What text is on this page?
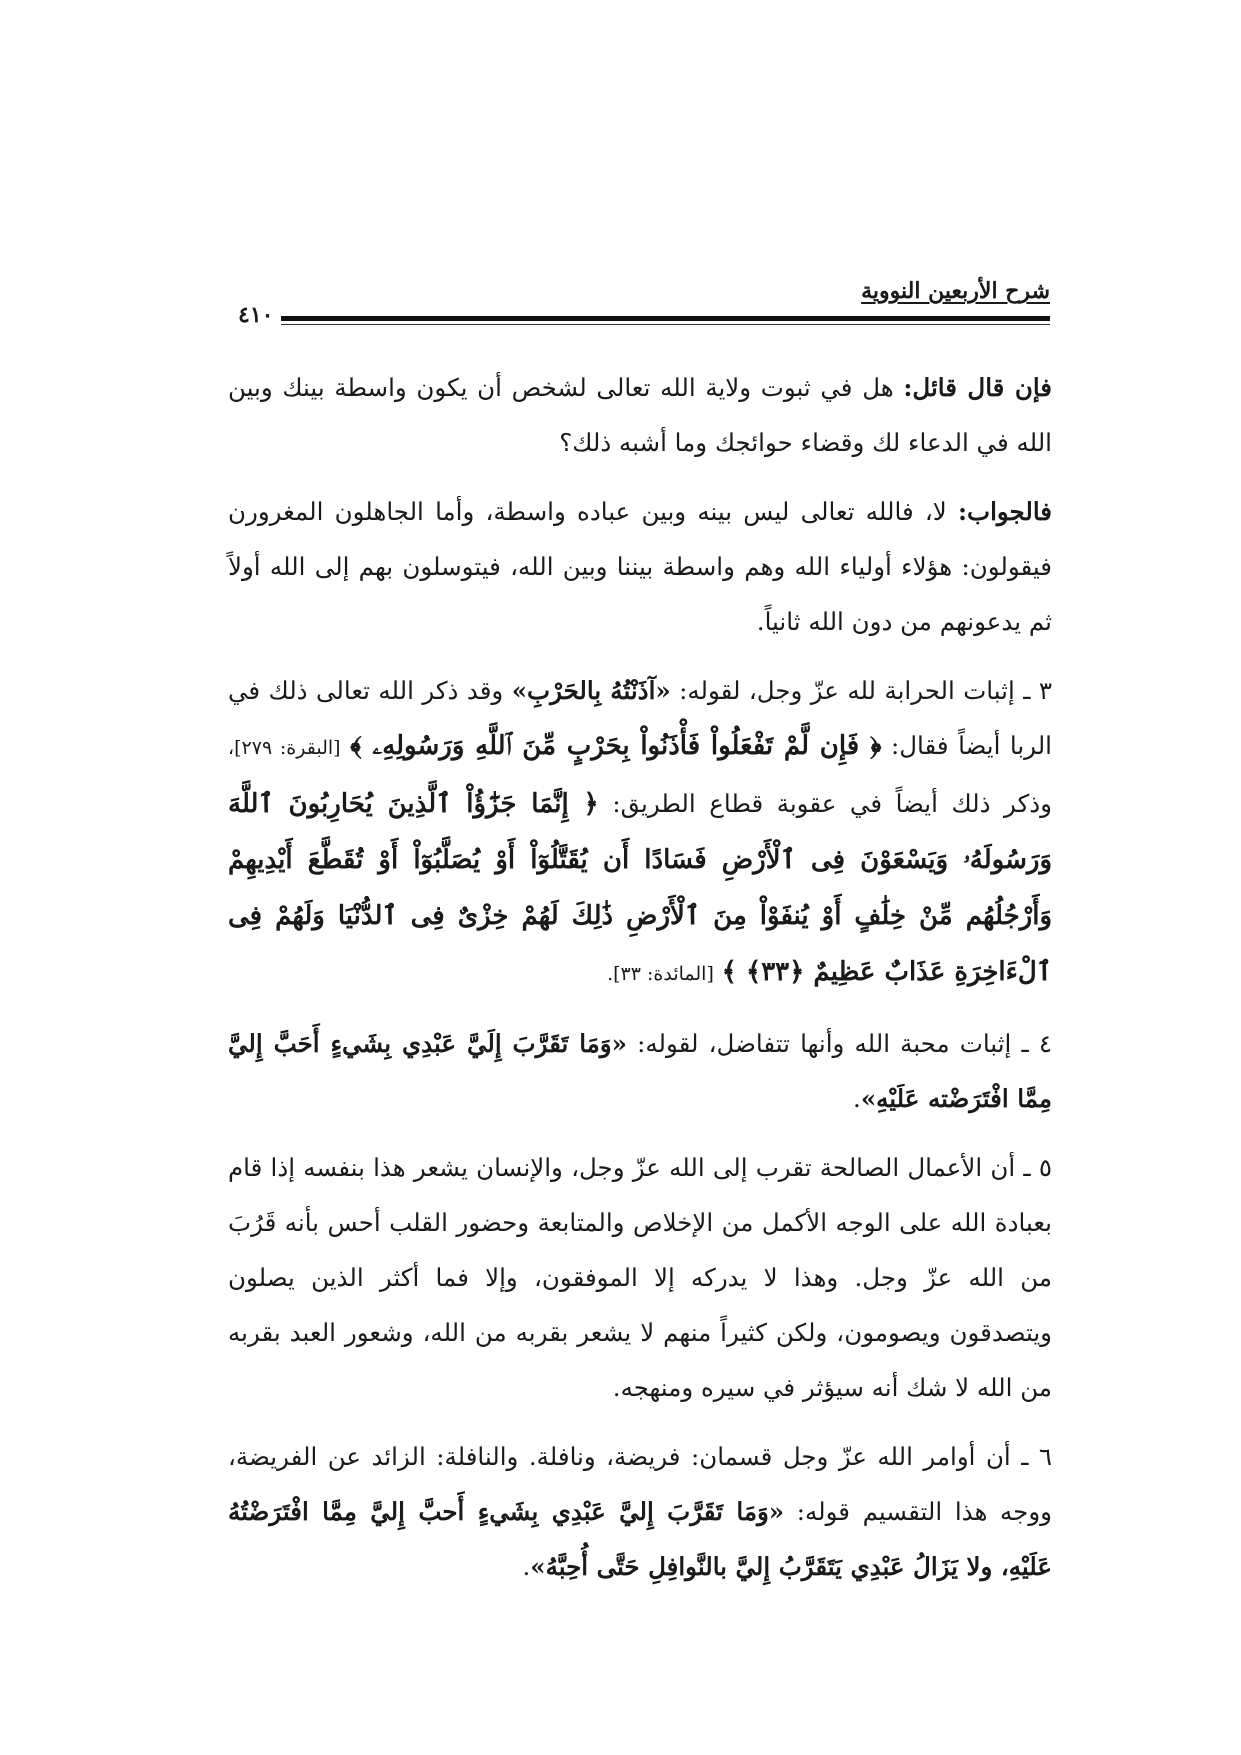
شرح الأربعين النووية
٤١٠

فإن قال قائل: هل في ثبوت ولاية الله تعالى لشخص أن يكون واسطة بينك وبين الله في الدعاء لك وقضاء حوائجك وما أشبه ذلك؟

فالجواب: لا، فالله تعالى ليس بينه وبين عباده واسطة، وأما الجاهلون المغرورن فيقولون: هؤلاء أولياء الله وهم واسطة بيننا وبين الله، فيتوسلون بهم إلى الله أولاً ثم يدعونهم من دون الله ثانياً.

٣ ـ إثبات الحرابة لله عزّ وجل، لقوله: «آذَنْتُهُ بِالحَرْبِ» وقد ذكر الله تعالى ذلك في الربا أيضاً فقال: ﴿ فَإِن لَّمْ تَفْعَلُواْ فَأْذَنُواْ بِحَرْبٍ مِّنَ ٱللَّهِ وَرَسُولِهِۦ ﴾ [البقرة: ٢٧٩]، وذكر ذلك أيضاً في عقوبة قطاع الطريق: ﴿ إِنَّمَا جَزَٰٓؤُاْ ٱلَّذِينَ يُحَارِبُونَ ٱللَّهَ وَرَسُولَهُۥ وَيَسْعَوْنَ فِى ٱلْأَرْضِ فَسَادًا أَن يُقَتَّلُوٓاْ أَوْ يُصَلَّبُوٓاْ أَوْ تُقَطَّعَ أَيْدِيهِمْ وَأَرْجُلُهُم مِّنْ خِلَٰفٍ أَوْ يُنفَوْاْ مِنَ ٱلْأَرْضِ ذَٰلِكَ لَهُمْ خِزْىٌ فِى ٱلدُّنْيَا وَلَهُمْ فِى ٱلْءَاخِرَةِ عَذَابٌ عَظِيمٌ ﴿٣٣﴾ ﴾ [المائدة: ٣٣].

٤ ـ إثبات محبة الله وأنها تتفاضل، لقوله: «وَمَا تَقَرَّبَ إِلَيَّ عَبْدِي بِشَيءٍ أَحَبَّ إِليَّ مِمَّا افْتَرَضْته عَلَيْهِ».

٥ ـ أن الأعمال الصالحة تقرب إلى الله عزّ وجل، والإنسان يشعر هذا بنفسه إذا قام بعبادة الله على الوجه الأكمل من الإخلاص والمتابعة وحضور القلب أحس بأنه قَرُبَ من الله عزّ وجل. وهذا لا يدركه إلا الموفقون، وإلا فما أكثر الذين يصلون ويتصدقون ويصومون، ولكن كثيراً منهم لا يشعر بقربه من الله، وشعور العبد بقربه من الله لا شك أنه سيؤثر في سيره ومنهجه.

٦ ـ أن أوامر الله عزّ وجل قسمان: فريضة، ونافلة. والنافلة: الزائد عن الفريضة، ووجه هذا التقسيم قوله: «وَمَا تَقَرَّبَ إِليَّ عَبْدِي بِشَيءٍ أَحبَّ إِليَّ مِمَّا افْتَرَضْتُهُ عَلَيْهِ، ولا يَزَالُ عَبْدِي يَتَقَرَّبُ إِليَّ بالنَّوافِلِ حَتَّى أُحِبَّهُ».
